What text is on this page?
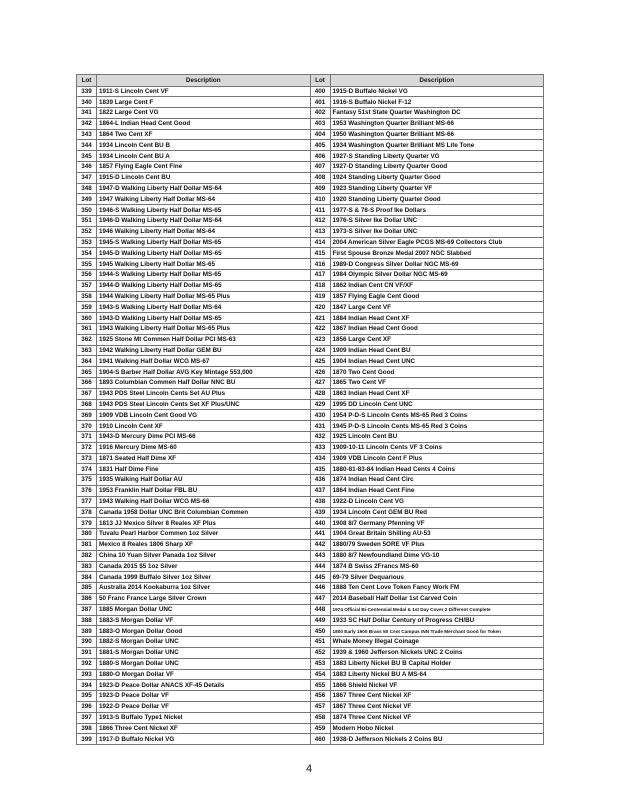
Lot	Description	Lot	Description
339	1911-S Lincoln Cent VF	400	1915-D Buffalo Nickel VG
340	1839 Large Cent F	401	1916-S Buffalo Nickel F-12
341	1822 Large Cent VG	402	Fantasy 51st State Quarter Washington DC
342	1864-L Indian Head Cent Good	403	1953 Washington Quarter Brilliant MS-66
343	1864 Two Cent XF	404	1950 Washington Quarter Brilliant MS-66
344	1934 Lincoln Cent BU B	405	1934 Washington Quarter Brilliant MS Lite Tone
345	1934 Lincoln Cent BU A	406	1927-S Standing Liberty Quarter VG
346	1857 Flying Eagle Cent Fine	407	1927-D Standing Liberty Quarter Good
347	1915-D Lincoln Cent BU	408	1924 Standing Liberty Quarter Good
348	1947-D Walking Liberty Half Dollar MS-64	409	1923 Standing Liberty Quarter VF
349	1947 Walking Liberty Half Dollar MS-64	410	1920 Standing Liberty Quarter Good
350	1946-S Walking Liberty Half Dollar MS-65	411	1977-S & 78-S Proof Ike Dollars
351	1946-D Walking Liberty Half Dollar MS-64	412	1976-S Silver Ike Dollar UNC
352	1946 Walking Liberty Half Dollar MS-64	413	1973-S Silver Ike Dollar UNC
353	1945-S Walking Liberty Half Dollar MS-65	414	2004 American Silver Eagle PCGS MS-69 Collectors Club
354	1945-D Walking Liberty Half Dollar MS-65	415	First Spouse Bronze Medal 2007 NGC Slabbed
355	1945 Walking Liberty Half Dollar MS-65	416	1989-D Congress Silver Dollar NGC MS-69
356	1944-S Walking Liberty Half Dollar MS-65	417	1984 Olympic Silver Dollar NGC MS-69
357	1944-D Walking Liberty Half Dollar MS-65	418	1862 Indian Cent CN VF/XF
358	1944 Walking Liberty Half Dollar MS-65 Plus	419	1857 Flying Eagle Cent Good
359	1943-S Walking Liberty Half Dollar MS-64	420	1847 Large Cent VF
360	1943-D Walking Liberty Half Dollar MS-65	421	1884 Indian Head Cent XF
361	1943 Walking Liberty Half Dollar MS-65 Plus	422	1867 Indian Head Cent Good
362	1925 Stone Mt Commen Half Dollar PCI MS-63	423	1856 Large Cent XF
363	1942 Walking Liberty Half Dollar GEM BU	424	1909 Indian Head Cent BU
364	1941 Walking Half Dollar WCG MS-67	425	1904 Indian Head Cent UNC
365	1904-S Barber Half Dollar AVG Key Mintage 553,000	426	1870 Two Cent Good
366	1893 Columbian Commen Half Dollar NNC BU	427	1865 Two Cent VF
367	1943 PDS Steel Lincoln Cents Set AU Plus	428	1863 Indian Head Cent XF
368	1943 PDS Steel Lincoln Cents Set XF Plus/UNC	429	1995 DD Lincoln Cent UNC
369	1909 VDB Lincoln Cent Good VG	430	1954 P-D-S Lincoln Cents MS-65 Red 3 Coins
370	1910 Lincoln Cent XF	431	1945 P-D-S Lincoln Cents MS-65 Red 3 Coins
371	1943-D Mercury Dime PCI MS-66	432	1925 Lincoln Cent BU
372	1916 Mercury Dime MS-60	433	1909-10-11 Lincoln Cents VF 3 Coins
373	1871 Seated Half Dime XF	434	1909 VDB Lincoln Cent F Plus
374	1831 Half Dime Fine	435	1880-81-83-84 Indian Head Cents 4 Coins
375	1935 Walking Half Dollar AU	436	1874 Indian Head Cent Circ
376	1953 Franklin Half Dollar FBL BU	437	1864 Indian Head Cent Fine
377	1943 Walking Half Dollar WCG MS-66	438	1922-D Lincoln Cent VG
378	Canada 1958 Dollar UNC Brit Columbian Commen	439	1934 Lincoln Cent GEM BU Red
379	1813 JJ Mexico Silver 8 Reales XF Plus	440	1908 8/7 Germany Pfenning VF
380	Tuvalu Pearl Harbor Commen 1oz Silver	441	1904 Great Britain Shilling AU-53
381	Mexico 8 Reales 1806 Sharp XF	442	1880/79 Sweden 5ORE VF Plus
382	China 10 Yuan Silver Panada 1oz Silver	443	1880 8/7 Newfoundland Dime VG-10
383	Canada 2015 $5 1oz Silver	444	1874 B Swiss 2Francs MS-60
384	Canada 1999 Buffalo Silver 1oz Silver	445	69-79 Silver Dequarious
385	Australia 2014 Kookaburra 1oz Silver	446	1888 Ten Cent Love Token Fancy Work FM
386	50 Franc France Large Silver Crown	447	2014 Baseball Half Dollar 1st Carved Coin
387	1885 Morgan Dollar UNC	448	1974 Official Bi-Centennial Medal & 1st Day Cover 2 Different Complete
388	1883-S Morgan Dollar VF	449	1933 SC Half Dollar Century of Progress CH/BU
389	1883-O Morgan Dollar Good	450	1800 Early 1900 Brass 50 Cent Campus INN Trade Merchant Good for Token
390	1882-S Morgan Dollar UNC	451	Whale Money Illegal Coinage
391	1881-S Morgan Dollar UNC	452	1939 & 1960 Jefferson Nickels UNC 2 Coins
392	1880-S Morgan Dollar UNC	453	1883 Liberty Nickel BU B Capital Holder
393	1880-O Morgan Dollar VF	454	1883 Liberty Nickel BU A MS-64
394	1923-D Peace Dollar ANACS XF-45 Details	455	1866 Shield Nickel VF
395	1923-D Peace Dollar VF	456	1867 Three Cent Nickel XF
396	1922-D Peace Dollar VF	457	1867 Three Cent Nickel VF
397	1913-S Buffalo Type1 Nickel	458	1874 Three Cent Nickel VF
398	1866 Three Cent Nickel XF	459	Modern Hobo Nickel
399	1917-D Buffalo Nickel VG	460	1938-D Jefferson Nickels 2 Coins BU
4
